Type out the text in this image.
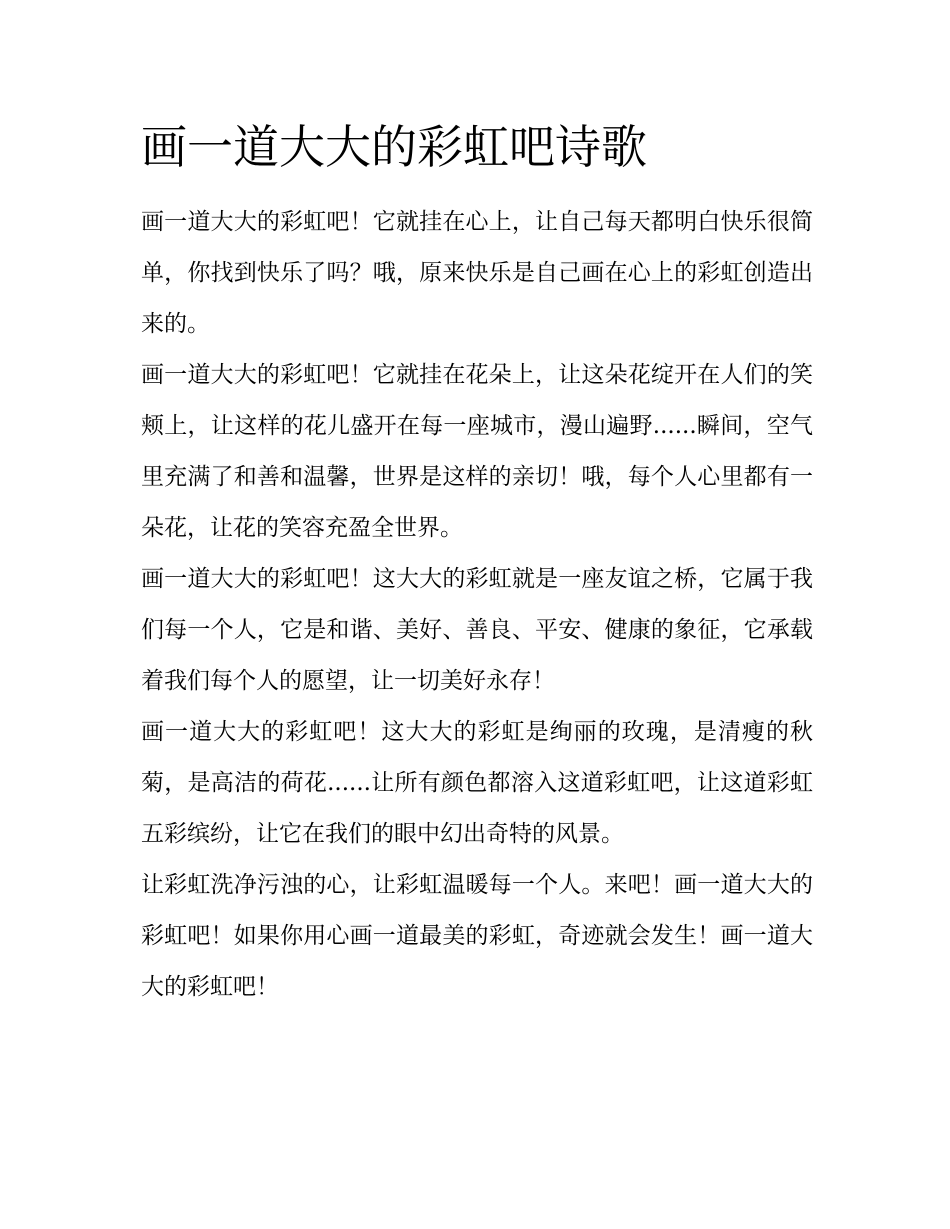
画一道大大的彩虹吧诗歌

画一道大大的彩虹吧！它就挂在心上，让自己每天都明白快乐很简单，你找到快乐了吗？哦，原来快乐是自己画在心上的彩虹创造出来的。

画一道大大的彩虹吧！它就挂在花朵上，让这朵花绽开在人们的笑颊上，让这样的花儿盛开在每一座城市，漫山遍野......瞬间，空气里充满了和善和温馨，世界是这样的亲切！哦，每个人心里都有一朵花，让花的笑容充盈全世界。

画一道大大的彩虹吧！这大大的彩虹就是一座友谊之桥，它属于我们每一个人，它是和谐、美好、善良、平安、健康的象征，它承载着我们每个人的愿望，让一切美好永存！

画一道大大的彩虹吧！这大大的彩虹是绚丽的玫瑰，是清瘦的秋菊，是高洁的荷花......让所有颜色都溶入这道彩虹吧，让这道彩虹五彩缤纷，让它在我们的眼中幻出奇特的风景。

让彩虹洗净污浊的心，让彩虹温暖每一个人。来吧！画一道大大的彩虹吧！如果你用心画一道最美的彩虹，奇迹就会发生！画一道大大的彩虹吧！
